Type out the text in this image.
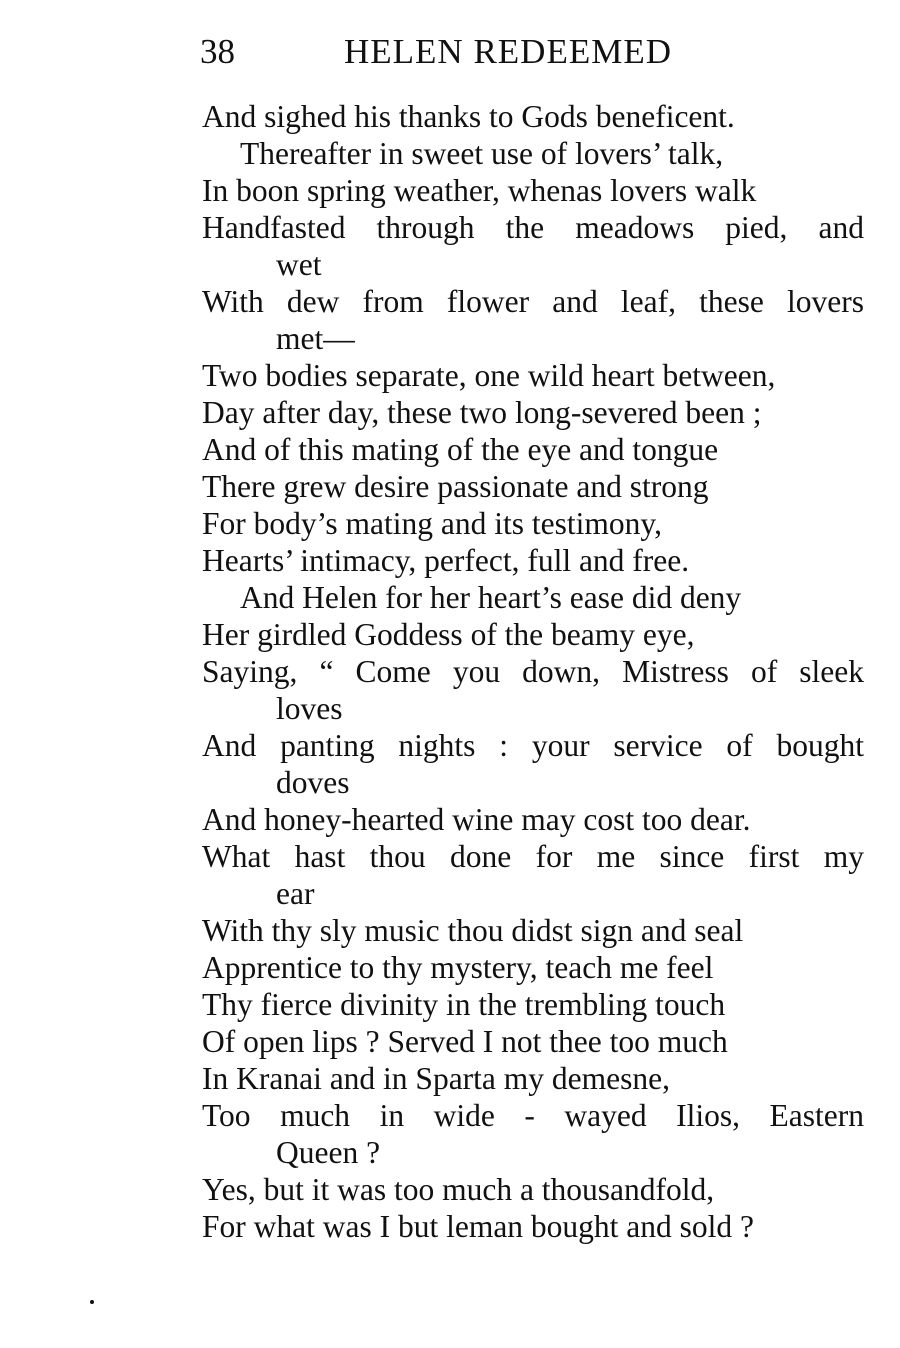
38	HELEN REDEEMED
And sighed his thanks to Gods beneficent.
Thereafter in sweet use of lovers’ talk,
In boon spring weather, whenas lovers walk
Handfasted through the meadows pied, and
wet
With dew from flower and leaf, these lovers
met—
Two bodies separate, one wild heart between,
Day after day, these two long-severed been ;
And of this mating of the eye and tongue
There grew desire passionate and strong
For body’s mating and its testimony,
Hearts’ intimacy, perfect, full and free.
And Helen for her heart’s ease did deny
Her girdled Goddess of the beamy eye,
Saying, “ Come you down, Mistress of sleek
loves
And panting nights : your service of bought
doves
And honey-hearted wine may cost too dear.
What hast thou done for me since first my
ear
With thy sly music thou didst sign and seal
Apprentice to thy mystery, teach me feel
Thy fierce divinity in the trembling touch
Of open lips ? Served I not thee too much
In Kranai and in Sparta my demesne,
Too much in wide - wayed Ilios, Eastern
Queen ?
Yes, but it was too much a thousandfold,
For what was I but leman bought and sold ?
